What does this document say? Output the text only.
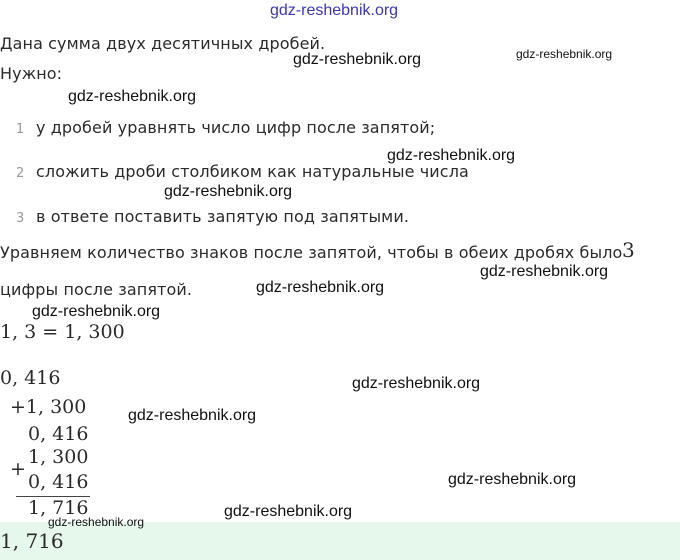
gdz-reshebnik.org
Дана сумма двух десятичных дробей.
Нужно:
1 у дробей уравнять число цифр после запятой;
2 сложить дроби столбиком как натуральные числа
3 в ответе поставить запятую под запятыми.
Уравняем количество знаков после запятой, чтобы в обеих дробях было 3
цифры после запятой.
1, 3 = 1, 300
0, 416
+1, 300
0, 416
1, 300
+
0, 416
1, 716
1, 716
gdz-reshebnik.org	gdz-reshebnik.org
gdz-reshebnik.org
gdz-reshebnik.org
gdz-reshebnik.org
gdz-reshebnik.org
gdz-reshebnik.org
gdz-reshebnik.org
gdz-reshebnik.org
gdz-reshebnik.org
gdz-reshebnik.org
gdz-reshebnik.org
gdz-reshebnik.org
